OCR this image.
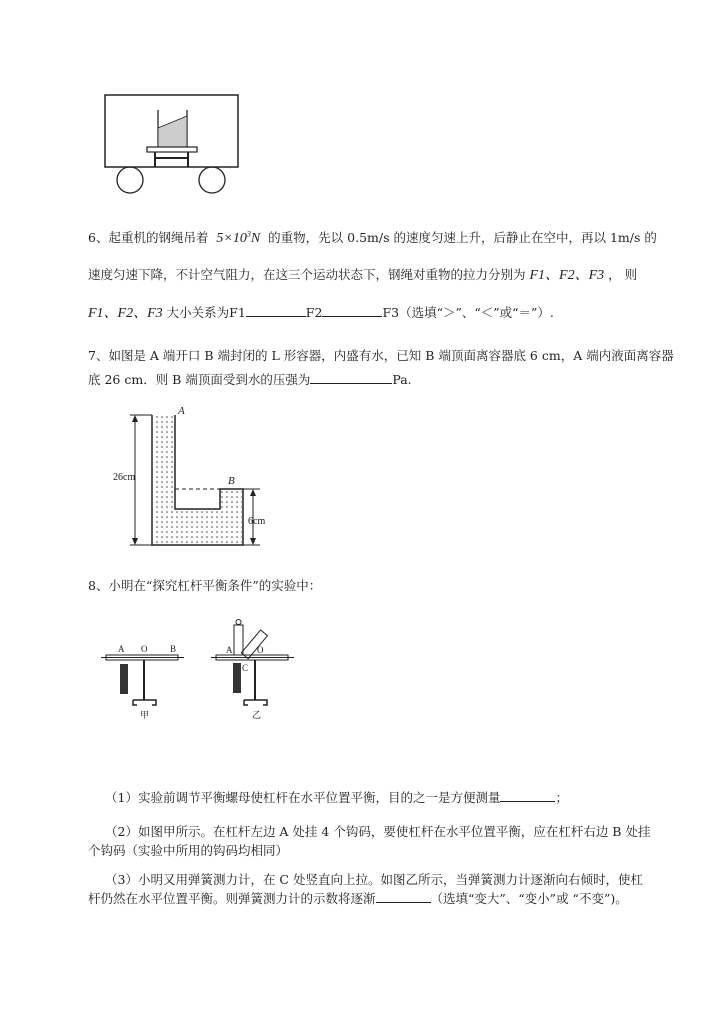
6、起重机的钢绳吊着 $5\times 10^3N$ 的重物，先以 0.5m/s 的速度匀速上升，后静止在空中，再以 1m/s 的
速度匀速下降，不计空气阻力，在这三个运动状态下，钢绳对重物的拉力分别为 F1、F2、F3 ， 则
F1、F2、F3 大小关系为F1	F2	F3（选填“＞”、“＜”或“＝”）.
7、如图是 A 端开口 B 端封闭的 L 形容器，内盛有水，已知 B 端顶面离容器底 6 cm，A 端内液面离容器
底 26 cm．则 B 端顶面受到水的压强为	Pa.
A
B
26cm
6cm
8、小明在“探究杠杆平衡条件”的实验中：
A O	B
甲
A	O
C
乙
（1）实验前调节平衡螺母使杠杆在水平位置平衡，目的之一是方便测量	；
（2）如图甲所示。在杠杆左边 A 处挂 4 个钩码，要使杠杆在水平位置平衡，应在杠杆右边 B 处挂
个钩码（实验中所用的钩码均相同）
（3）小明又用弹簧测力计，在 C 处竖直向上拉。如图乙所示，当弹簧测力计逐渐向右倾时，使杠
杆仍然在水平位置平衡。则弹簧测力计的示数将逐渐	（选填“变大”、“变小”或 “不变”)。
